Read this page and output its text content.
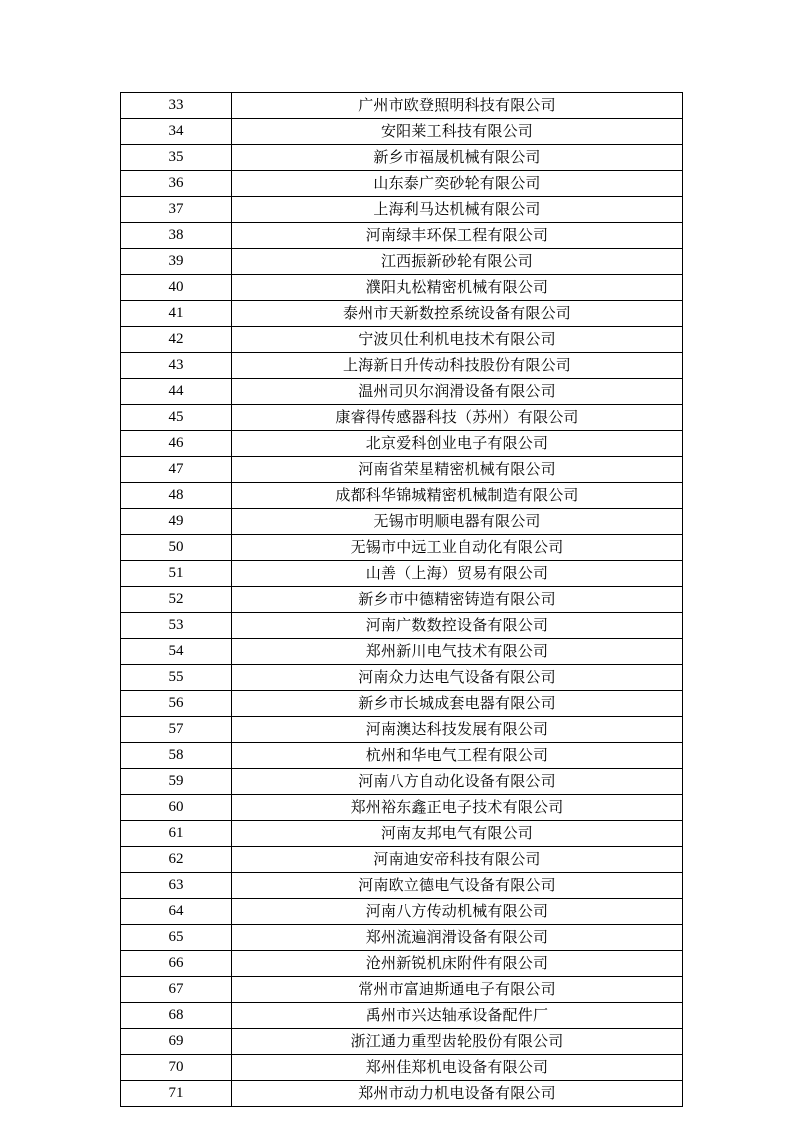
33	广州市欧登照明科技有限公司
34	安阳莱工科技有限公司
35	新乡市福晟机械有限公司
36	山东泰广奕砂轮有限公司
37	上海利马达机械有限公司
38	河南绿丰环保工程有限公司
39	江西振新砂轮有限公司
40	濮阳丸松精密机械有限公司
41	泰州市天新数控系统设备有限公司
42	宁波贝仕利机电技术有限公司
43	上海新日升传动科技股份有限公司
44	温州司贝尔润滑设备有限公司
45	康睿得传感器科技（苏州）有限公司
46	北京爱科创业电子有限公司
47	河南省荣星精密机械有限公司
48	成都科华锦城精密机械制造有限公司
49	无锡市明顺电器有限公司
50	无锡市中远工业自动化有限公司
51	山善（上海）贸易有限公司
52	新乡市中德精密铸造有限公司
53	河南广数数控设备有限公司
54	郑州新川电气技术有限公司
55	河南众力达电气设备有限公司
56	新乡市长城成套电器有限公司
57	河南澳达科技发展有限公司
58	杭州和华电气工程有限公司
59	河南八方自动化设备有限公司
60	郑州裕东鑫正电子技术有限公司
61	河南友邦电气有限公司
62	河南迪安帝科技有限公司
63	河南欧立德电气设备有限公司
64	河南八方传动机械有限公司
65	郑州流遍润滑设备有限公司
66	沧州新锐机床附件有限公司
67	常州市富迪斯通电子有限公司
68	禹州市兴达轴承设备配件厂
69	浙江通力重型齿轮股份有限公司
70	郑州佳郑机电设备有限公司
71	郑州市动力机电设备有限公司
